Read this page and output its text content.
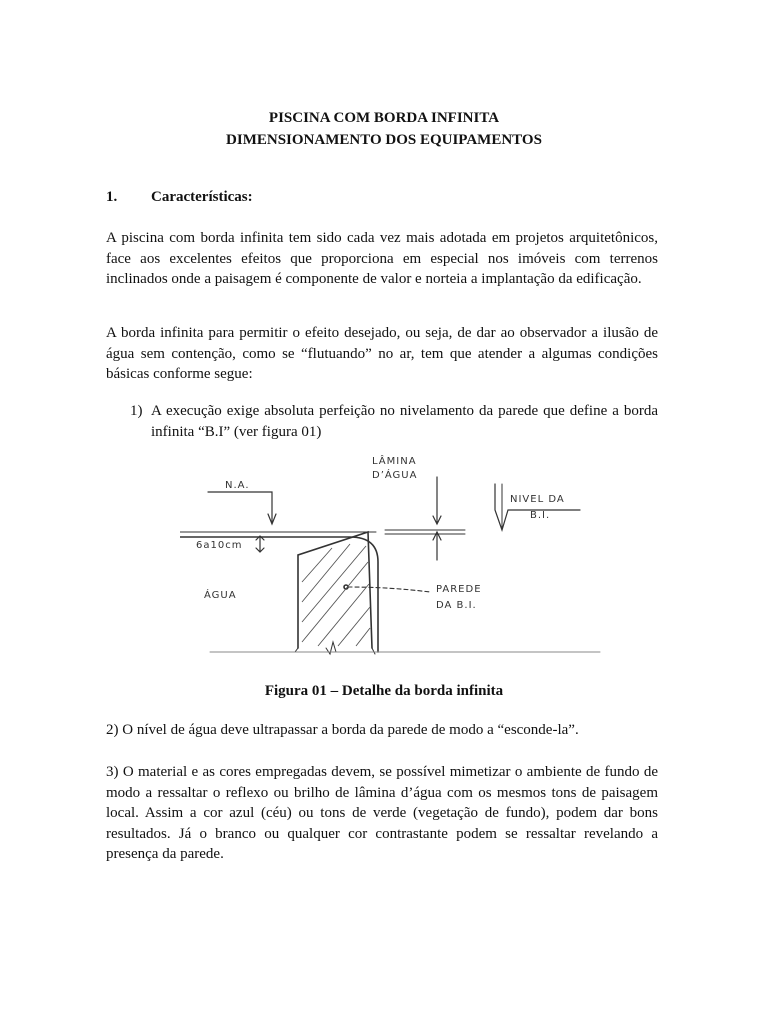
PISCINA COM BORDA INFINITA
DIMENSIONAMENTO DOS EQUIPAMENTOS
1. Características:
A piscina com borda infinita tem sido cada vez mais adotada em projetos arquitetônicos, face aos excelentes efeitos que proporciona em especial nos imóveis com terrenos inclinados onde a paisagem é componente de valor e norteia a implantação da edificação.
A borda infinita para permitir o efeito desejado, ou seja, de dar ao observador a ilusão de água sem contenção, como se “flutuando” no ar, tem que atender a algumas condições básicas conforme segue:
1) A execução exige absoluta perfeição no nivelamento da parede que define a borda infinita “B.I” (ver figura 01)
N.A.
LÂMINA
D’ÁGUA
NIVEL DA
B.I.
6a10cm
ÁGUA
PAREDE
DA B.I.
Figura 01 – Detalhe da borda infinita
2) O nível de água deve ultrapassar a borda da parede de modo a “esconde-la”.
3) O material e as cores empregadas devem, se possível mimetizar o ambiente de fundo de modo a ressaltar o reflexo ou brilho de lâmina d’água com os mesmos tons de paisagem local. Assim a cor azul (céu) ou tons de verde (vegetação de fundo), podem dar bons resultados. Já o branco ou qualquer cor contrastante podem se ressaltar revelando a presença da parede.
